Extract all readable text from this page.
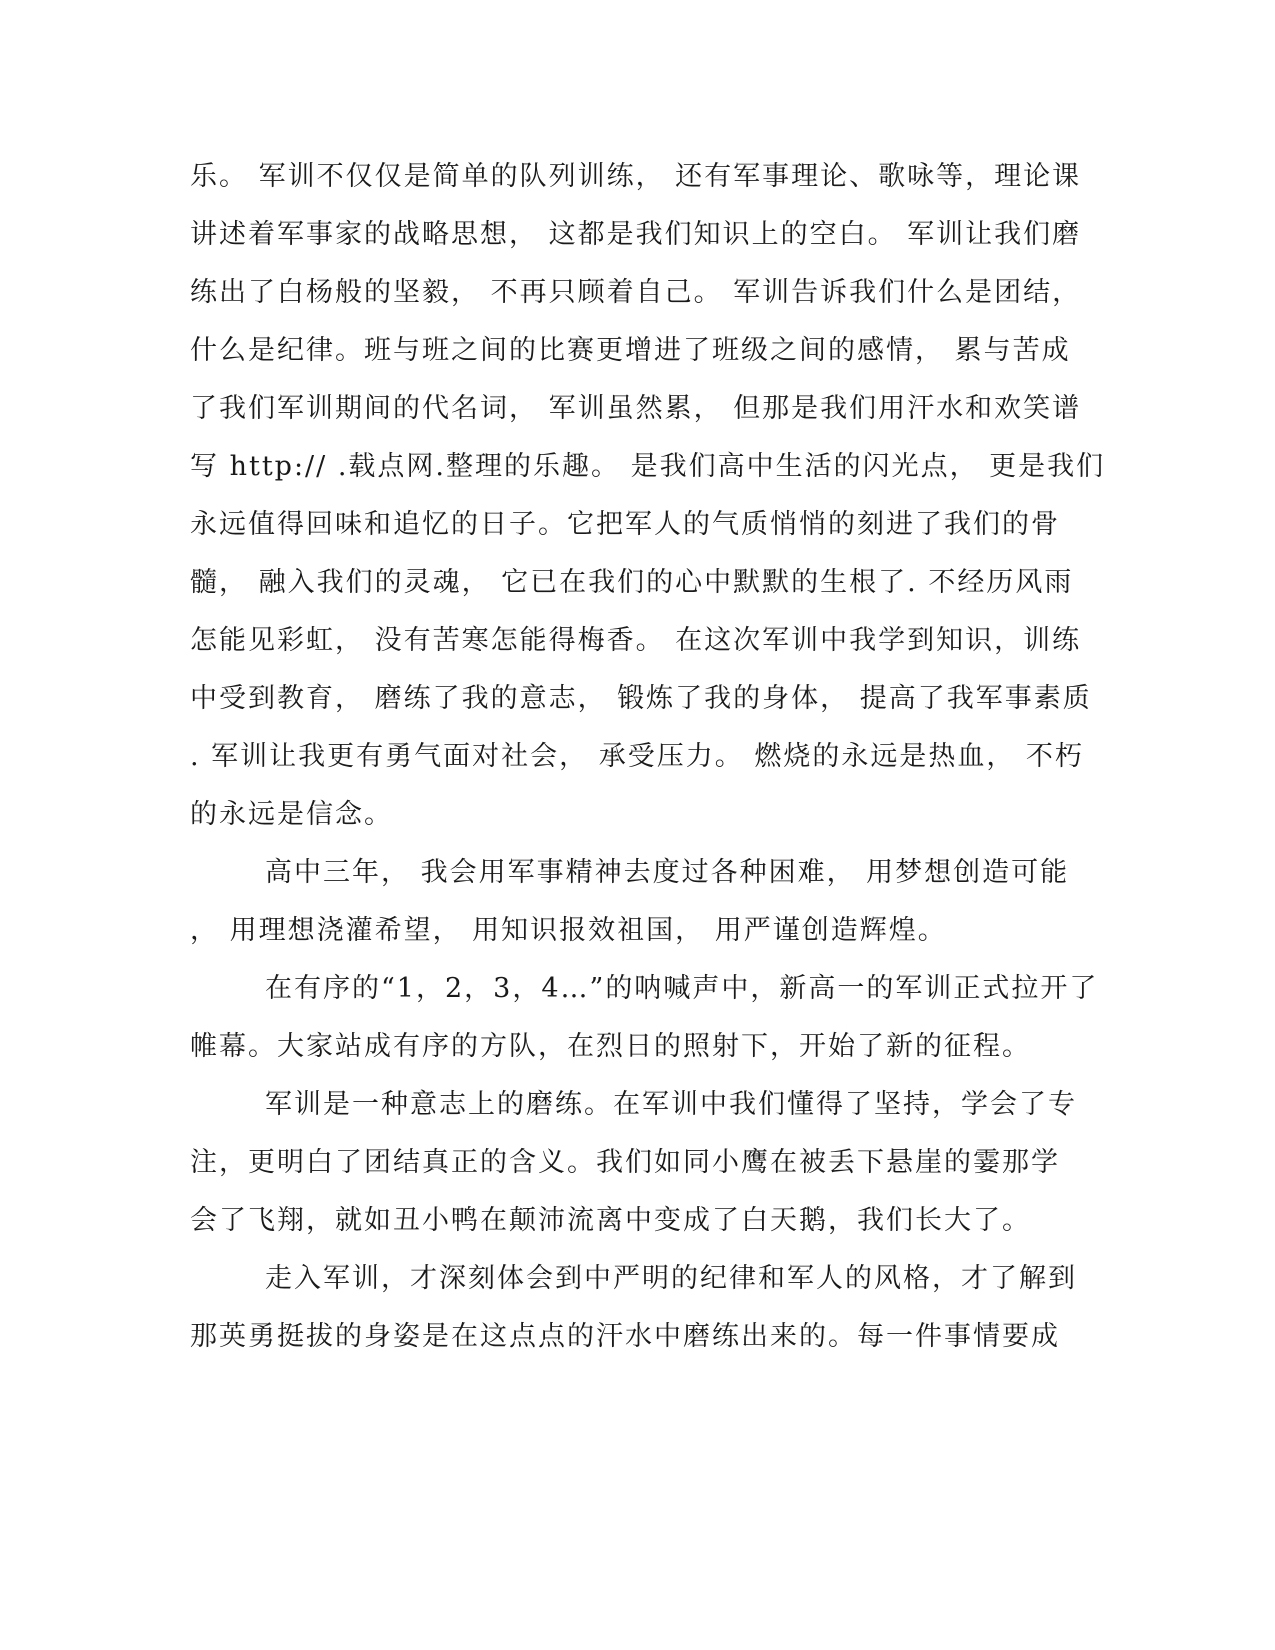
乐。 军训不仅仅是简单的队列训练， 还有军事理论、歌咏等，理论课
讲述着军事家的战略思想， 这都是我们知识上的空白。 军训让我们磨
练出了白杨般的坚毅， 不再只顾着自己。 军训告诉我们什么是团结，
什么是纪律。班与班之间的比赛更增进了班级之间的感情， 累与苦成
了我们军训期间的代名词， 军训虽然累， 但那是我们用汗水和欢笑谱
写 http:// .载点网.整理的乐趣。 是我们高中生活的闪光点， 更是我们
永远值得回味和追忆的日子。它把军人的气质悄悄的刻进了我们的骨
髓， 融入我们的灵魂， 它已在我们的心中默默的生根了. 不经历风雨
怎能见彩虹， 没有苦寒怎能得梅香。 在这次军训中我学到知识，训练
中受到教育， 磨练了我的意志， 锻炼了我的身体， 提高了我军事素质
. 军训让我更有勇气面对社会， 承受压力。 燃烧的永远是热血， 不朽
的永远是信念。
高中三年， 我会用军事精神去度过各种困难， 用梦想创造可能
， 用理想浇灌希望， 用知识报效祖国， 用严谨创造辉煌。
在有序的“1，2，3，4…”的呐喊声中，新高一的军训正式拉开了
帷幕。大家站成有序的方队，在烈日的照射下，开始了新的征程。
军训是一种意志上的磨练。在军训中我们懂得了坚持，学会了专
注，更明白了团结真正的含义。我们如同小鹰在被丢下悬崖的霎那学
会了飞翔，就如丑小鸭在颠沛流离中变成了白天鹅，我们长大了。
走入军训，才深刻体会到中严明的纪律和军人的风格，才了解到
那英勇挺拔的身姿是在这点点的汗水中磨练出来的。每一件事情要成
